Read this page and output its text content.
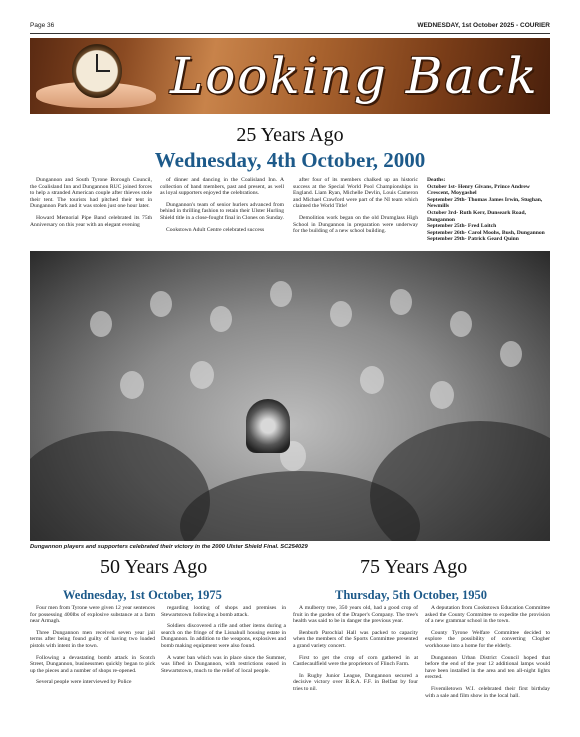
Page 36	WEDNESDAY, 1st October 2025 - COURIER
Looking Back
25 Years Ago
Wednesday, 4th October, 2000

Dungannon and South Tyrone Borough Council, the Coalisland Inn and Dungannon RUC joined forces to help a stranded American couple after thieves stole their tent. The tourists had pitched their tent in Dungannon Park and it was stolen just one hour later.

Howard Memorial Pipe Band celebrated its 75th Anniversary on this year with an elegant evening

of dinner and dancing in the Coalisland Inn. A collection of band members, past and present, as well as loyal supporters enjoyed the celebrations.

Dungannon's team of senior hurlers advanced from behind in thrilling fashion to retain their Ulster Hurling Shield title in a close-fought final in Clones on Sunday.

Cookstown Adult Centre celebrated success

after four of its members chalked up an historic success at the Special World Pool Championships in England. Liam Ryan, Michelle Devlin, Louis Cameron and Michael Crawford were part of the NI team which claimed the World Title!

Demolition work began on the old Drumglass High School in Dungannon in preparation were underway for the building of a new school building.

Deaths:
October 1st- Henry Givans, Prince Andrew Crescent, Moygashel
September 29th- Thomas James Irwin, Stughan, Newmills
October 3rd- Ruth Kerr, Dunseark Road, Dungannon
September 25th- Fred Loitch
September 26th- Carol Moohs, Bush, Dungannon
September 29th- Patrick Geard Quinn
Dungannon players and supporters celebrated their victory in the 2000 Ulster Shield Final. SC254029
50 Years Ago	75 Years Ago
Wednesday, 1st October, 1975	Thursday, 5th October, 1950

Four men from Tyrone were given 12 year sentences for possessing 400lbs of explosive substance at a farm near Armagh.

Three Dungannon men received seven year jail terms after being found guilty of having two loaded pistols with intent in the town.

Following a devastating bomb attack in Scotch Street, Dungannon, businessmen quickly began to pick up the pieces and a number of shops re-opened.

Several people were interviewed by Police

regarding looting of shops and premises in Stewartstown following a bomb attack.

Soldiers discovered a rifle and other items during a search on the fringe of the Lisnahull housing estate in Dungannon. In addition to the weapons, explosives and bomb making equipment were also found.

A water ban which was in place since the Summer, was lifted in Dungannon, with restrictions eased in Stewartstown, much to the relief of local people.

A mulberry tree, 350 years old, had a good crop of fruit in the garden of the Draper's Company. The tree's health was said to be in danger the previous year.

Benburb Parochial Hall was packed to capacity when the members of the Sports Committee presented a grand variety concert.

First to get the crop of corn gathered in at Castlecaulfield were the proprietors of Flinch Farm.

In Rugby Junior League, Dungannon secured a decisive victory over B.R.A. F.F. in Belfast by four tries to nil.

A deputation from Cookstown Education Committee asked the County Committee to expedite the provision of a new grammar school in the town.

County Tyrone Welfare Committee decided to explore the possibility of converting Clogher workhouse into a home for the elderly.

Dungannon Urban District Council hoped that before the end of the year 12 additional lamps would have been installed in the area and ten all-night lights erected.

Fivemiletown W.I. celebrated their first birthday with a sale and film show in the local hall.
